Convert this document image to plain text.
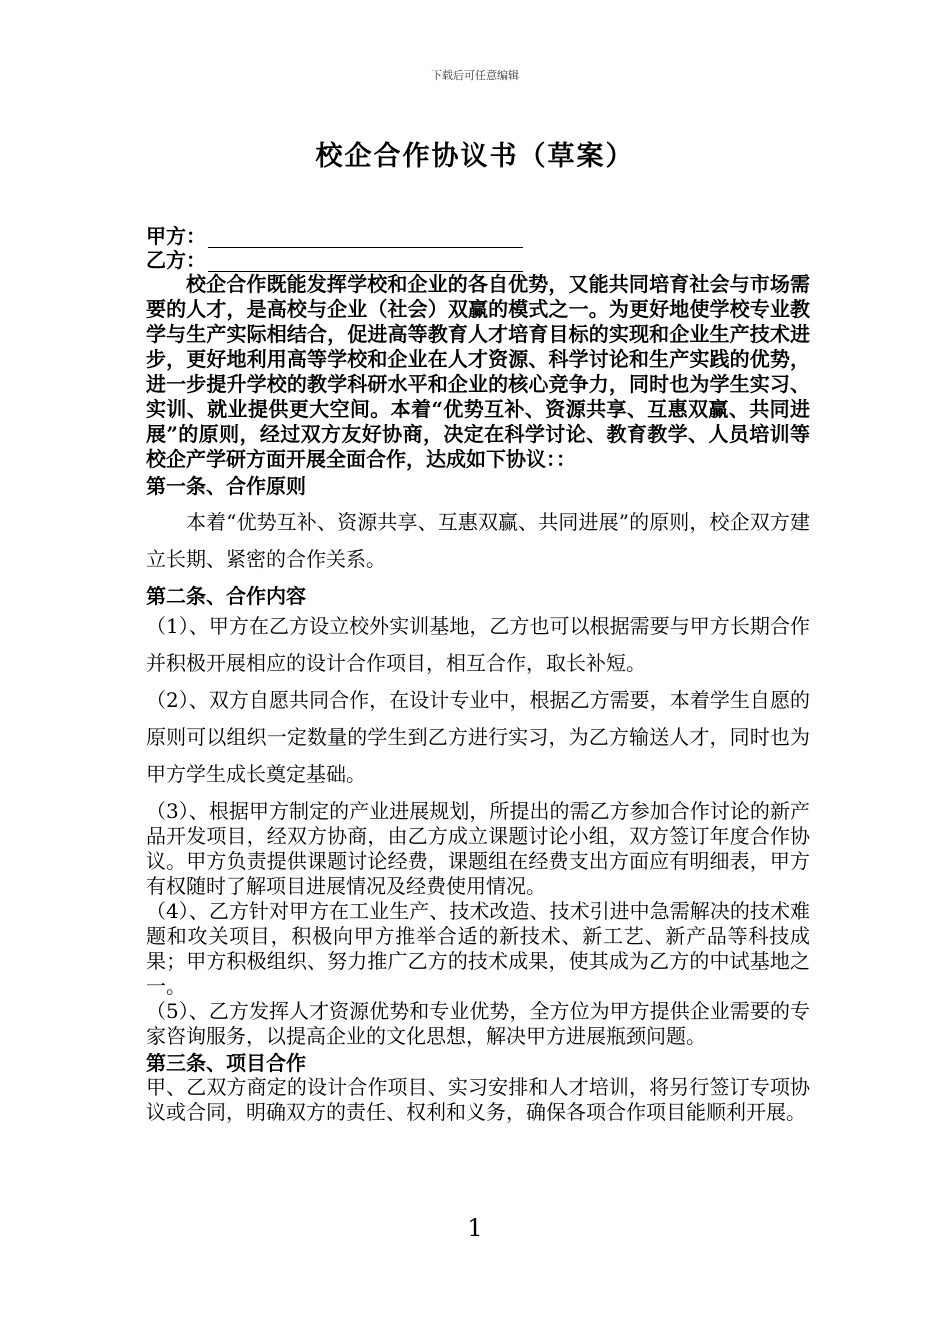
下载后可任意编辑
校企合作协议书（草案）
甲方：
乙方：

校企合作既能发挥学校和企业的各自优势，又能共同培育社会与市场需要的人才，是高校与企业（社会）双赢的模式之一。为更好地使学校专业教学与生产实际相结合，促进高等教育人才培育目标的实现和企业生产技术进步，更好地利用高等学校和企业在人才资源、科学讨论和生产实践的优势，进一步提升学校的教学科研水平和企业的核心竞争力，同时也为学生实习、实训、就业提供更大空间。本着“优势互补、资源共享、互惠双赢、共同进展”的原则，经过双方友好协商，决定在科学讨论、教育教学、人员培训等校企产学研方面开展全面合作，达成如下协议：：

第一条、合作原则

本着“优势互补、资源共享、互惠双赢、共同进展”的原则，校企双方建立长期、紧密的合作关系。

第二条、合作内容

（1）、甲方在乙方设立校外实训基地，乙方也可以根据需要与甲方长期合作并积极开展相应的设计合作项目，相互合作，取长补短。

（2）、双方自愿共同合作，在设计专业中，根据乙方需要，本着学生自愿的原则可以组织一定数量的学生到乙方进行实习，为乙方输送人才，同时也为甲方学生成长奠定基础。

（3）、根据甲方制定的产业进展规划，所提出的需乙方参加合作讨论的新产品开发项目，经双方协商，由乙方成立课题讨论小组，双方签订年度合作协议。甲方负责提供课题讨论经费，课题组在经费支出方面应有明细表，甲方有权随时了解项目进展情况及经费使用情况。

（4）、乙方针对甲方在工业生产、技术改造、技术引进中急需解决的技术难题和攻关项目，积极向甲方推举合适的新技术、新工艺、新产品等科技成果；甲方积极组织、努力推广乙方的技术成果，使其成为乙方的中试基地之一。

（5）、乙方发挥人才资源优势和专业优势，全方位为甲方提供企业需要的专家咨询服务，以提高企业的文化思想，解决甲方进展瓶颈问题。

第三条、项目合作

甲、乙双方商定的设计合作项目、实习安排和人才培训，将另行签订专项协议或合同，明确双方的责任、权利和义务，确保各项合作项目能顺利开展。

1
